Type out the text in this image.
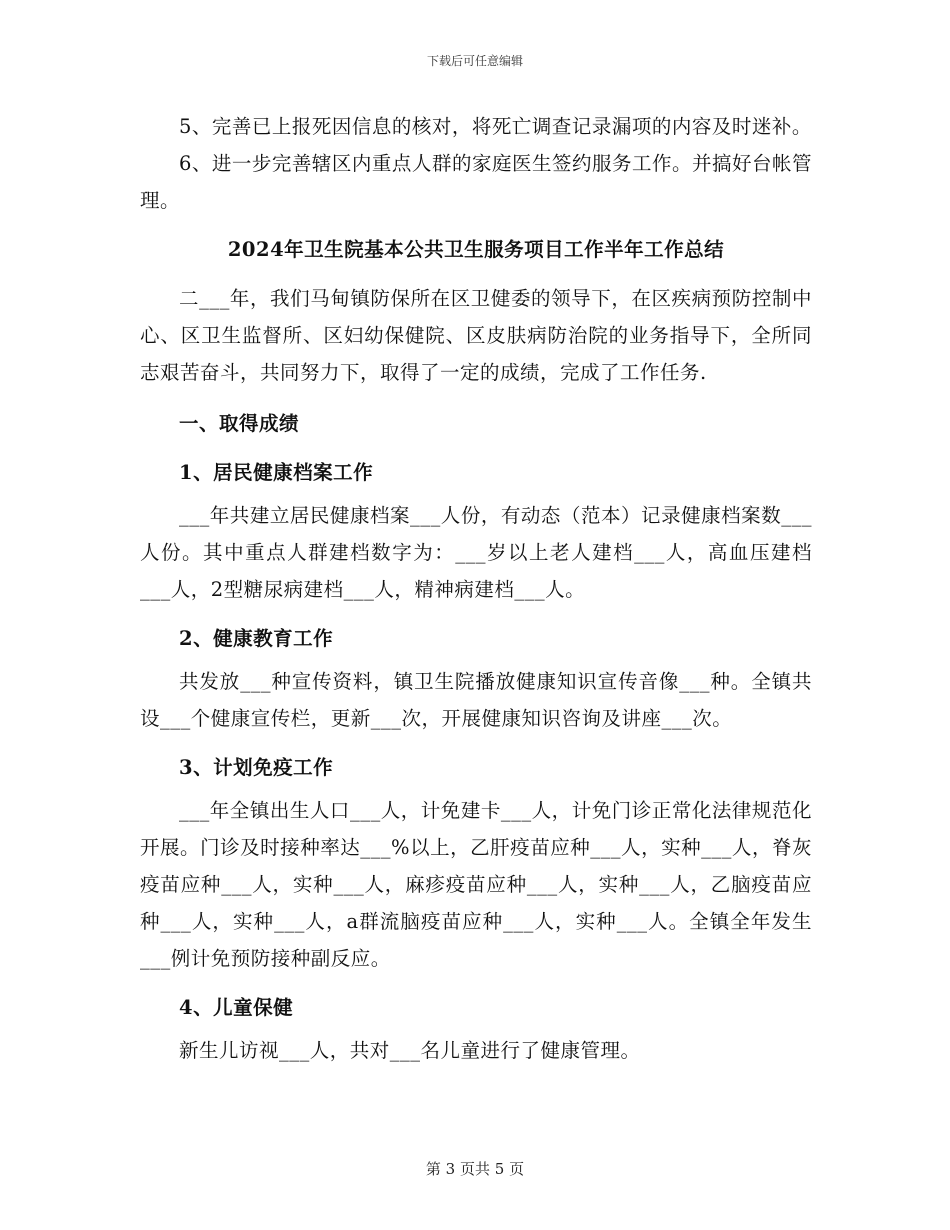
下载后可任意编辑

5、完善已上报死因信息的核对，将死亡调查记录漏项的内容及时迷补。

6、进一步完善辖区内重点人群的家庭医生签约服务工作。并搞好台帐管理。

2024年卫生院基本公共卫生服务项目工作半年工作总结

二___年，我们马甸镇防保所在区卫健委的领导下，在区疾病预防控制中心、区卫生监督所、区妇幼保健院、区皮肤病防治院的业务指导下，全所同志艰苦奋斗，共同努力下，取得了一定的成绩，完成了工作任务.

一、取得成绩
1、居民健康档案工作

___年共建立居民健康档案___人份，有动态（范本）记录健康档案数___人份。其中重点人群建档数字为：___岁以上老人建档___人，高血压建档___人，2型糖尿病建档___人，精神病建档___人。

2、健康教育工作

共发放___种宣传资料，镇卫生院播放健康知识宣传音像___种。全镇共设___个健康宣传栏，更新___次，开展健康知识咨询及讲座___次。

3、计划免疫工作

___年全镇出生人口___人，计免建卡___人，计免门诊正常化法律规范化开展。门诊及时接种率达___%以上，乙肝疫苗应种___人，实种___人，脊灰疫苗应种___人，实种___人，麻疹疫苗应种___人，实种___人，乙脑疫苗应种___人，实种___人，a群流脑疫苗应种___人，实种___人。全镇全年发生___例计免预防接种副反应。

4、儿童保健

新生儿访视___人，共对___名儿童进行了健康管理。

第 3 页共 5 页
